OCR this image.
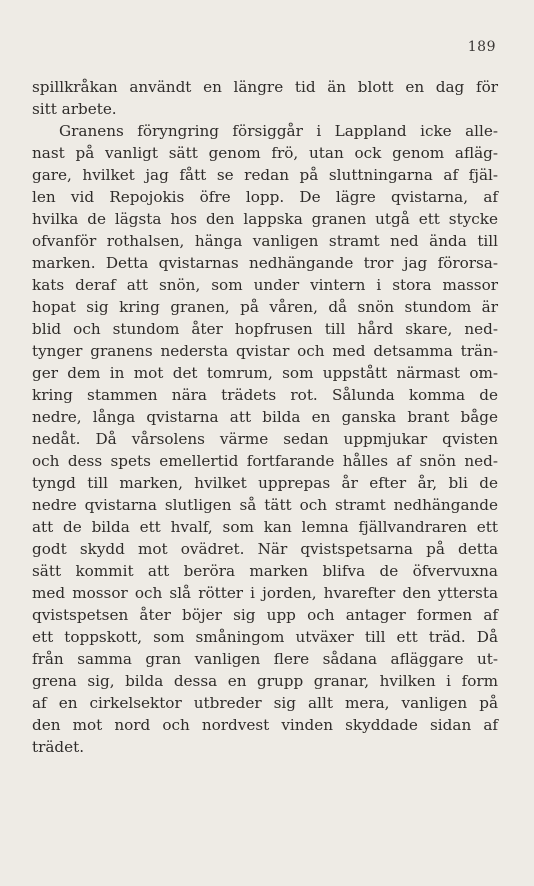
189
spillkråkan användt en längre tid än blott en dag för
sitt arbete.
Granens föryngring försiggår i Lappland icke alle-
nast på vanligt sätt genom frö, utan ock genom afläg-
gare, hvilket jag fått se redan på sluttningarna af fjäl-
len vid Repojokis öfre lopp. De lägre qvistarna, af
hvilka de lägsta hos den lappska granen utgå ett stycke
ofvanför rothalsen, hänga vanligen stramt ned ända till
marken. Detta qvistarnas nedhängande tror jag förorsa-
kats deraf att snön, som under vintern i stora massor
hopat sig kring granen, på våren, då snön stundom är
blid och stundom åter hopfrusen till hård skare, ned-
tynger granens nedersta qvistar och med detsamma trän-
ger dem in mot det tomrum, som uppstått närmast om-
kring stammen nära trädets rot. Sålunda komma de
nedre, långa qvistarna att bilda en ganska brant båge
nedåt. Då vårsolens värme sedan uppmjukar qvisten
och dess spets emellertid fortfarande hålles af snön ned-
tyngd till marken, hvilket upprepas år efter år, bli de
nedre qvistarna slutligen så tätt och stramt nedhängande
att de bilda ett hvalf, som kan lemna fjällvandraren ett
godt skydd mot ovädret. När qvistspetsarna på detta
sätt kommit att beröra marken blifva de öfvervuxna
med mossor och slå rötter i jorden, hvarefter den yttersta
qvistspetsen åter böjer sig upp och antager formen af
ett toppskott, som småningom utväxer till ett träd. Då
från samma gran vanligen flere sådana afläggare ut-
grena sig, bilda dessa en grupp granar, hvilken i form
af en cirkelsektor utbreder sig allt mera, vanligen på
den mot nord och nordvest vinden skyddade sidan af
trädet.
